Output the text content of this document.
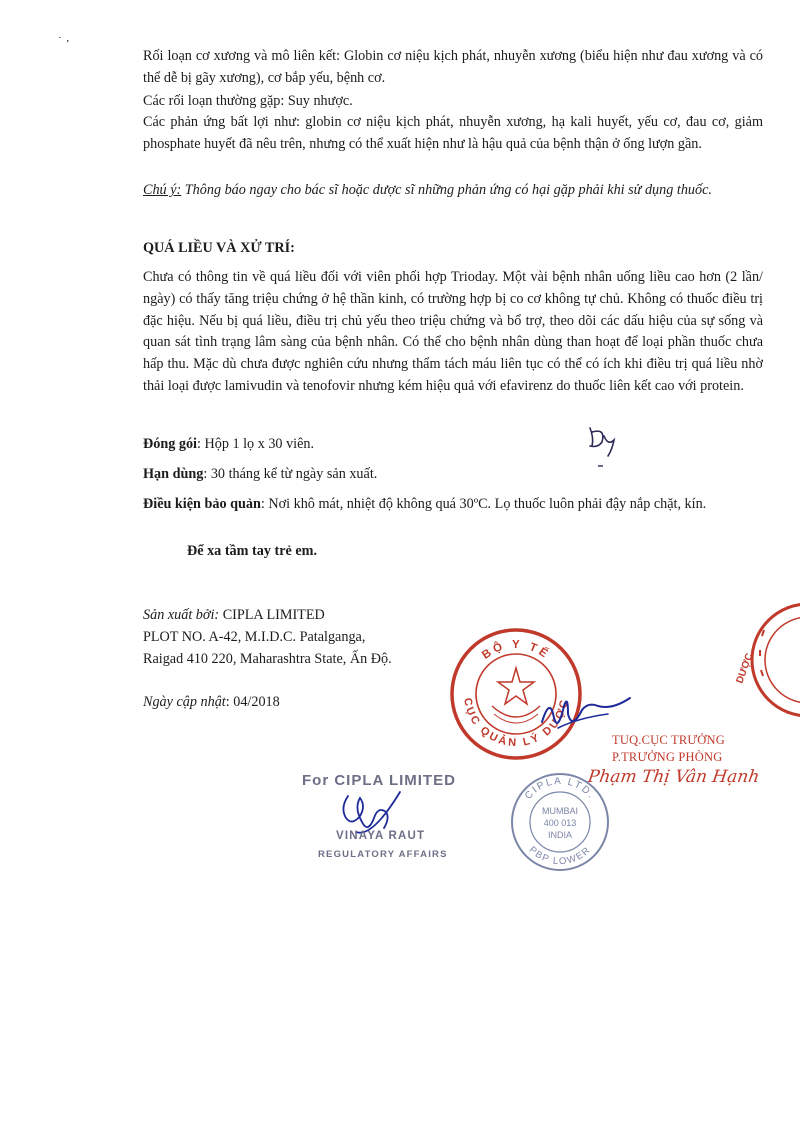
· ,

Rối loạn cơ xương và mô liên kết: Globin cơ niệu kịch phát, nhuyễn xương (biểu hiện như đau xương và có thể dễ bị gãy xương), cơ bắp yếu, bệnh cơ.

Các rối loạn thường gặp: Suy nhược.

Các phản ứng bất lợi như: globin cơ niệu kịch phát, nhuyễn xương, hạ kali huyết, yếu cơ, đau cơ, giảm phosphate huyết đã nêu trên, nhưng có thể xuất hiện như là hậu quả của bệnh thận ở ống lượn gần.

Chú ý: Thông báo ngay cho bác sĩ hoặc dược sĩ những phản ứng có hại gặp phải khi sử dụng thuốc.

QUÁ LIỀU VÀ XỬ TRÍ:

Chưa có thông tin về quá liều đối với viên phối hợp Trioday. Một vài bệnh nhân uống liều cao hơn (2 lần/ ngày) có thấy tăng triệu chứng ở hệ thần kinh, có trường hợp bị co cơ không tự chủ. Không có thuốc điều trị đặc hiệu. Nếu bị quá liều, điều trị chủ yếu theo triệu chứng và bổ trợ, theo dõi các dấu hiệu của sự sống và quan sát tình trạng lâm sàng của bệnh nhân. Có thể cho bệnh nhân dùng than hoạt để loại phần thuốc chưa hấp thu. Mặc dù chưa được nghiên cứu nhưng thẩm tách máu liên tục có thể có ích khi điều trị quá liều nhờ thải loại được lamivudin và tenofovir nhưng kém hiệu quả với efavirenz do thuốc liên kết cao với protein.

Đóng gói: Hộp 1 lọ x 30 viên.
Hạn dùng: 30 tháng kể từ ngày sản xuất.

Điều kiện bảo quản: Nơi khô mát, nhiệt độ không quá 30ºC. Lọ thuốc luôn phải đậy nắp chặt, kín.

Để xa tầm tay trẻ em.
Sản xuất bởi: CIPLA LIMITED
PLOT NO. A-42, M.I.D.C. Patalganga,
Raigad 410 220, Maharashtra State, Ấn Độ.
Ngày cập nhật: 04/2018
DƯỢC
BỘ Y TẾ
CỤC QUẢN LÝ DƯỢC
TUQ.CỤC TRƯỞNG
P.TRƯỞNG PHÒNG
Phạm Thị Vân Hạnh
For CIPLA LIMITED
VINAYA RAUT
REGULATORY AFFAIRS
CIPLA LTD.
PBP LOWER
MUMBAI
400 013
INDIA
